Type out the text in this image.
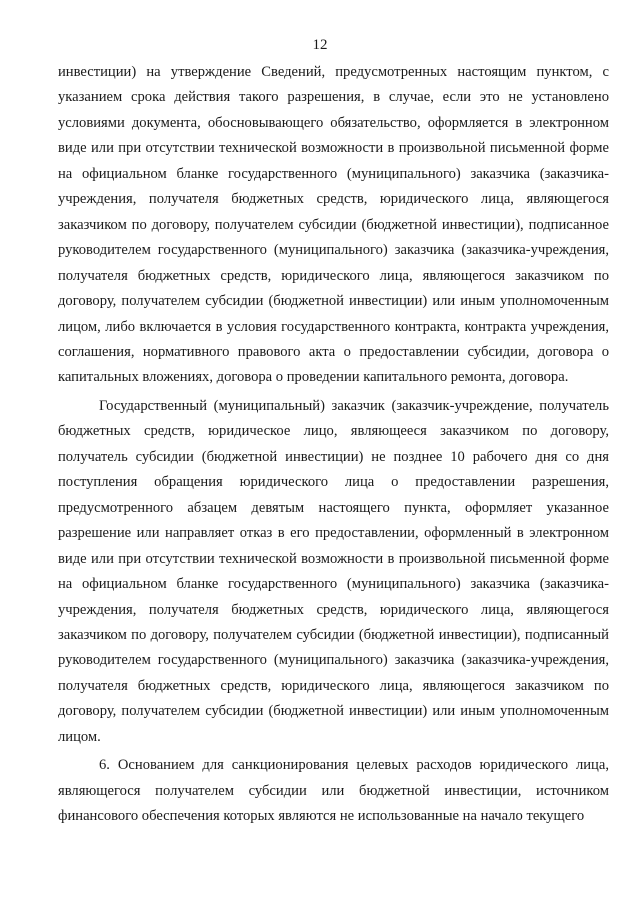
12

инвестиции) на утверждение Сведений, предусмотренных настоящим пунктом, с указанием срока действия такого разрешения, в случае, если это не установлено условиями документа, обосновывающего обязательство, оформляется в электронном виде или при отсутствии технической возможности в произвольной письменной форме на официальном бланке государственного (муниципального) заказчика (заказчика-учреждения, получателя бюджетных средств, юридического лица, являющегося заказчиком по договору, получателем субсидии (бюджетной инвестиции), подписанное руководителем государственного (муниципального) заказчика (заказчика-учреждения, получателя бюджетных средств, юридического лица, являющегося заказчиком по договору, получателем субсидии (бюджетной инвестиции) или иным уполномоченным лицом, либо включается в условия государственного контракта, контракта учреждения, соглашения, нормативного правового акта о предоставлении субсидии, договора о капитальных вложениях, договора о проведении капитального ремонта, договора.

Государственный (муниципальный) заказчик (заказчик-учреждение, получатель бюджетных средств, юридическое лицо, являющееся заказчиком по договору, получатель субсидии (бюджетной инвестиции) не позднее 10 рабочего дня со дня поступления обращения юридического лица о предоставлении разрешения, предусмотренного абзацем девятым настоящего пункта, оформляет указанное разрешение или направляет отказ в его предоставлении, оформленный в электронном виде или при отсутствии технической возможности в произвольной письменной форме на официальном бланке государственного (муниципального) заказчика (заказчика-учреждения, получателя бюджетных средств, юридического лица, являющегося заказчиком по договору, получателем субсидии (бюджетной инвестиции), подписанный руководителем государственного (муниципального) заказчика (заказчика-учреждения, получателя бюджетных средств, юридического лица, являющегося заказчиком по договору, получателем субсидии (бюджетной инвестиции) или иным уполномоченным лицом.

6. Основанием для санкционирования целевых расходов юридического лица, являющегося получателем субсидии или бюджетной инвестиции, источником финансового обеспечения которых являются не использованные на начало текущего
